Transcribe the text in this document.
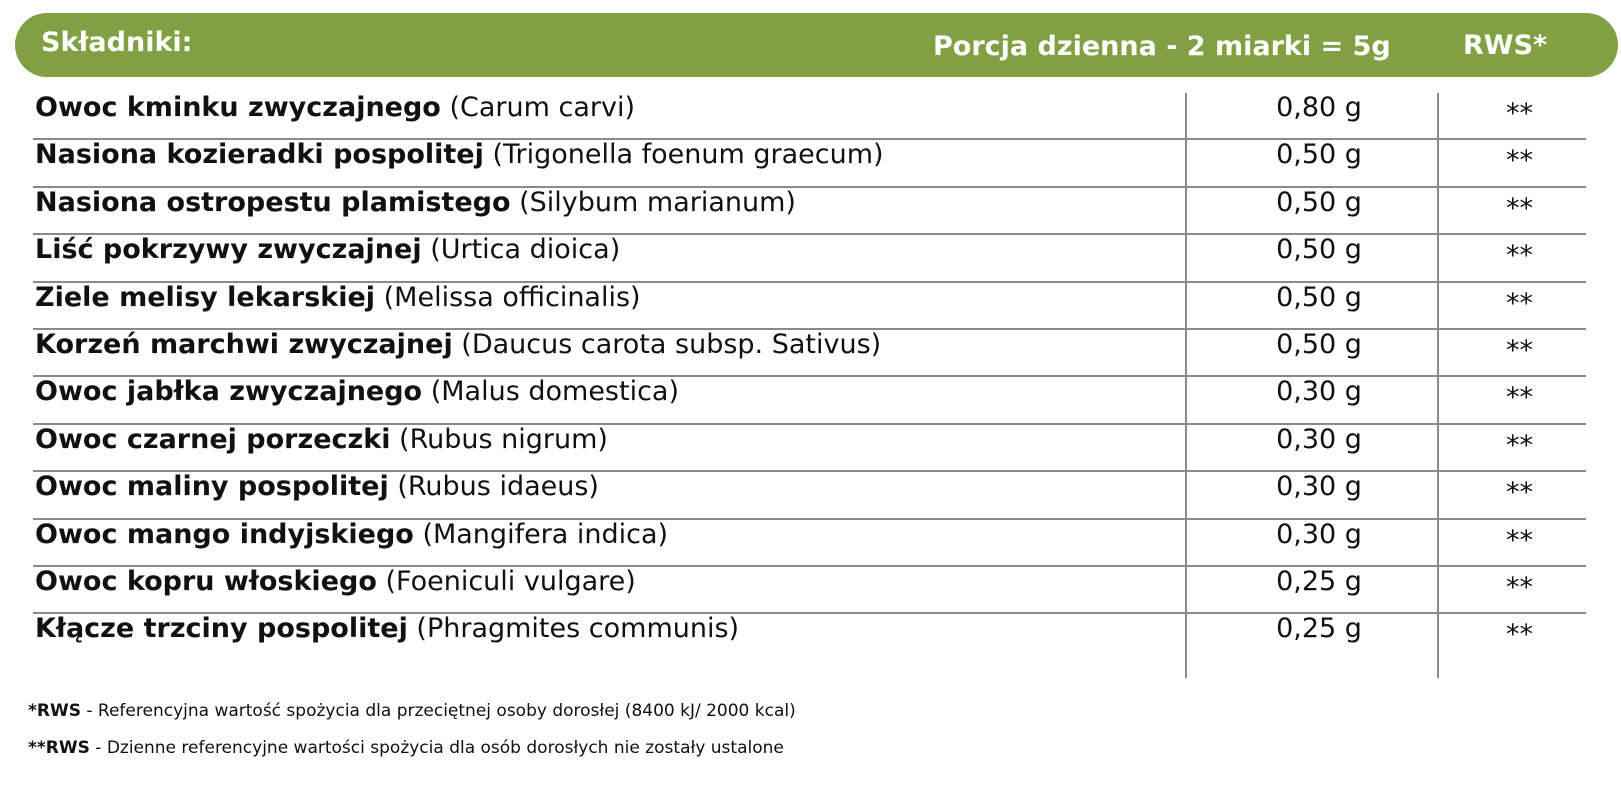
Składniki:	Porcja dzienna - 2 miarki = 5g	RWS*
Owoc kminku zwyczajnego (Carum carvi)	0,80 g	**
Nasiona kozieradki pospolitej (Trigonella foenum graecum)	0,50 g	**
Nasiona ostropestu plamistego (Silybum marianum)	0,50 g	**
Liść pokrzywy zwyczajnej (Urtica dioica)	0,50 g	**
Ziele melisy lekarskiej (Melissa officinalis)	0,50 g	**
Korzeń marchwi zwyczajnej (Daucus carota subsp. Sativus)	0,50 g	**
Owoc jabłka zwyczajnego (Malus domestica)	0,30 g	**
Owoc czarnej porzeczki (Rubus nigrum)	0,30 g	**
Owoc maliny pospolitej (Rubus idaeus)	0,30 g	**
Owoc mango indyjskiego (Mangifera indica)	0,30 g	**
Owoc kopru włoskiego (Foeniculi vulgare)	0,25 g	**
Kłącze trzciny pospolitej (Phragmites communis)	0,25 g	**
*RWS - Referencyjna wartość spożycia dla przeciętnej osoby dorosłej (8400 kJ/ 2000 kcal)
**RWS - Dzienne referencyjne wartości spożycia dla osób dorosłych nie zostały ustalone
